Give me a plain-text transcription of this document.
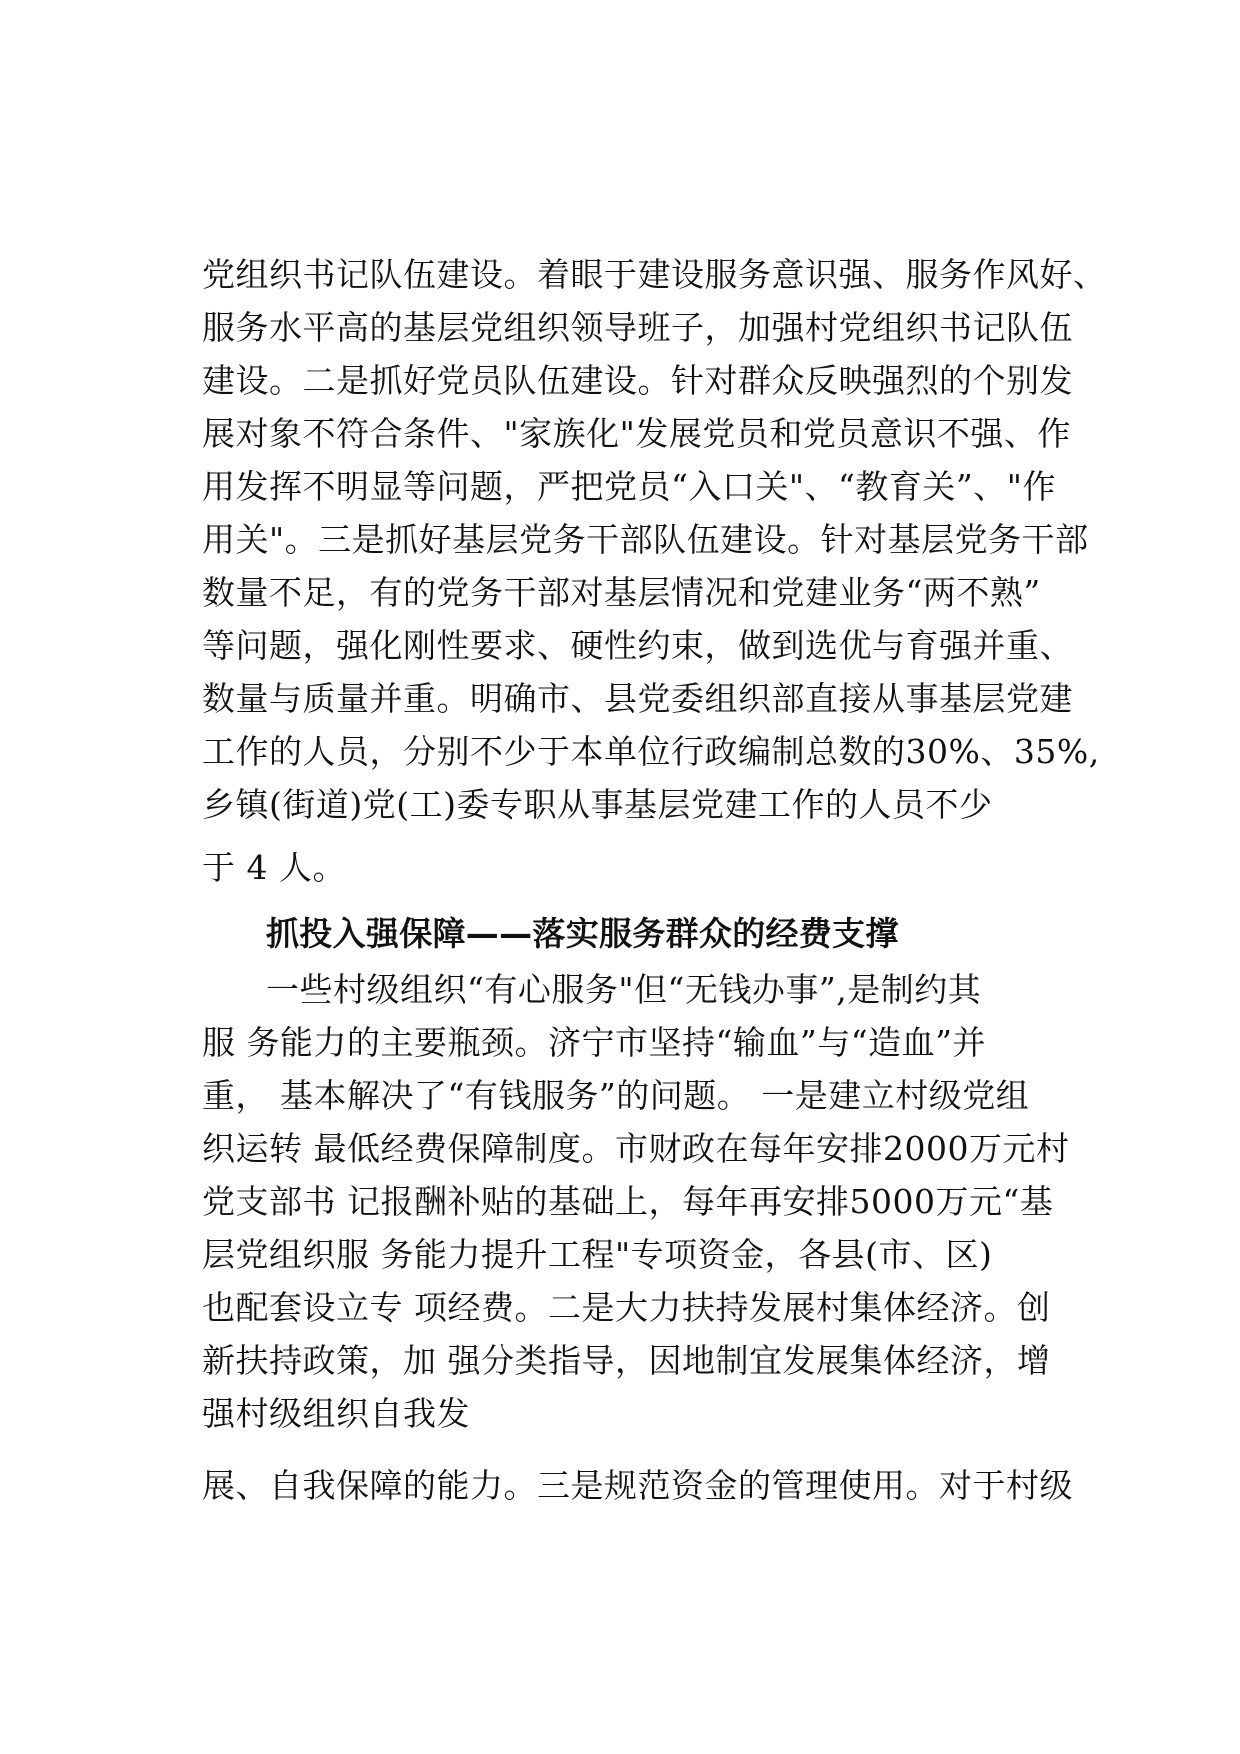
党组织书记队伍建设。着眼于建设服务意识强、服务作风好、
服务水平高的基层党组织领导班子，加强村党组织书记队伍
建设。二是抓好党员队伍建设。针对群众反映强烈的个别发
展对象不符合条件、"家族化"发展党员和党员意识不强、作
用发挥不明显等问题，严把党员“入口关"、“教育关”、"作
用关"。三是抓好基层党务干部队伍建设。针对基层党务干部
数量不足，有的党务干部对基层情况和党建业务“两不熟”
等问题，强化刚性要求、硬性约束，做到选优与育强并重、
数量与质量并重。明确市、县党委组织部直接从事基层党建
工作的人员，分别不少于本单位行政编制总数的30%、35%,
乡镇(街道)党(工)委专职从事基层党建工作的人员不少
于 4 人。
抓投入强保障——落实服务群众的经费支撑
一些村级组织“有心服务"但“无钱办事”,是制约其
服 务能力的主要瓶颈。济宁市坚持“输血”与“造血”并
重， 基本解决了“有钱服务”的问题。 一是建立村级党组
织运转 最低经费保障制度。市财政在每年安排2000万元村
党支部书 记报酬补贴的基础上，每年再安排5000万元“基
层党组织服 务能力提升工程"专项资金，各县(市、区)
也配套设立专 项经费。二是大力扶持发展村集体经济。创
新扶持政策，加 强分类指导，因地制宜发展集体经济，增
强村级组织自我发
展、自我保障的能力。三是规范资金的管理使用。对于村级
